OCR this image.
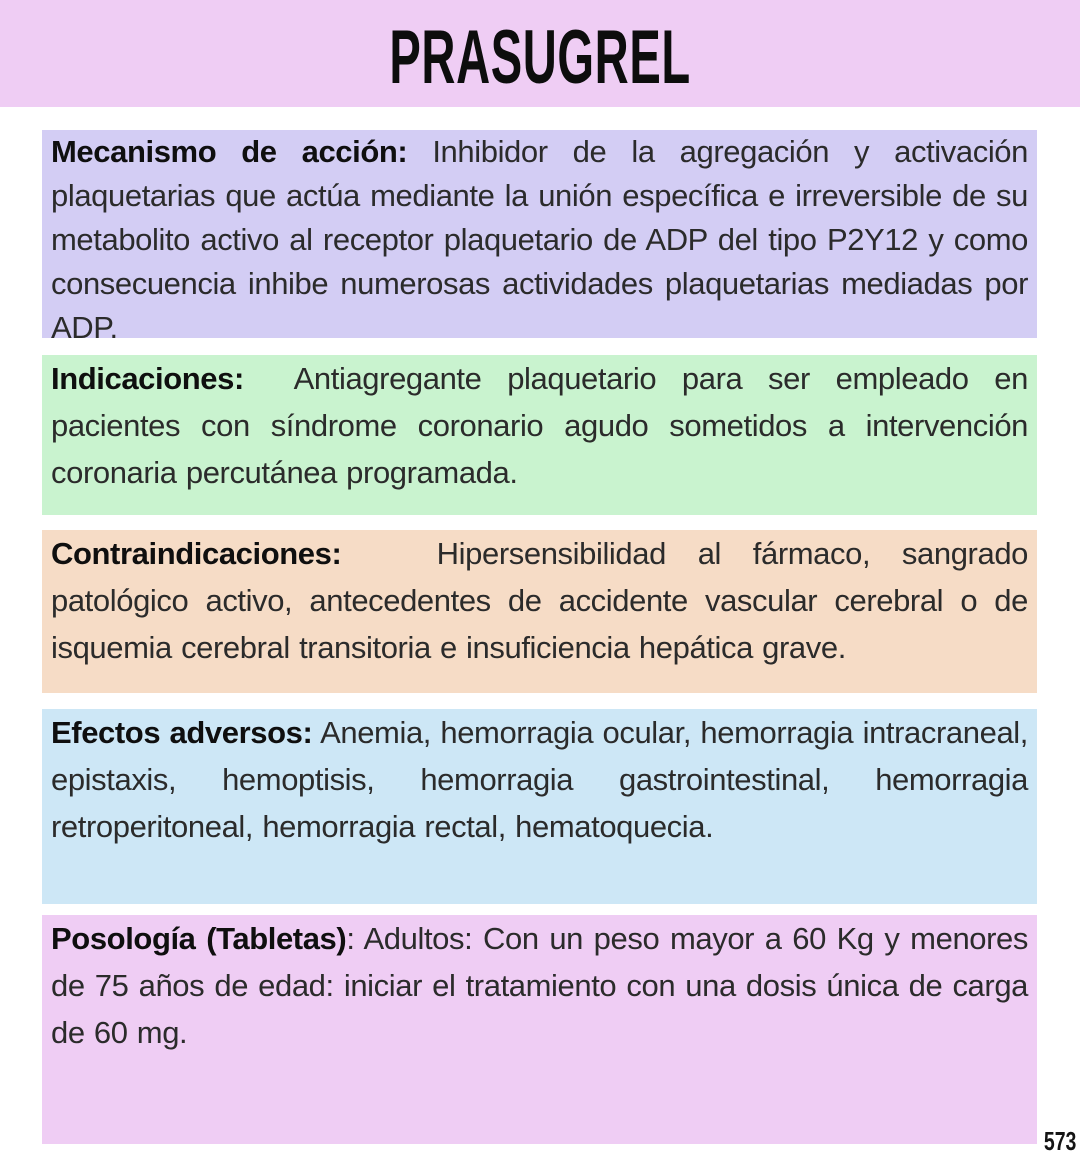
PRASUGREL

Mecanismo de acción: Inhibidor de la agregación y activación plaquetarias que actúa mediante la unión específica e irreversible de su metabolito activo al receptor plaquetario de ADP del tipo P2Y12 y como consecuencia inhibe numerosas actividades plaquetarias mediadas por ADP.

Indicaciones: Antiagregante plaquetario para ser empleado en pacientes con síndrome coronario agudo sometidos a intervención coronaria percutánea programada.

Contraindicaciones:	Hipersensibilidad al fármaco, sangrado patológico activo, antecedentes de accidente vascular cerebral o de isquemia cerebral transitoria e insuficiencia hepática grave.

Efectos adversos: Anemia, hemorragia ocular, hemorragia intracraneal, epistaxis, hemoptisis, hemorragia gastrointestinal, hemorragia retroperitoneal, hemorragia rectal, hematoquecia.

Posología (Tabletas): Adultos: Con un peso mayor a 60 Kg y menores de 75 años de edad: iniciar el tratamiento con una dosis única de carga de 60 mg.

573
